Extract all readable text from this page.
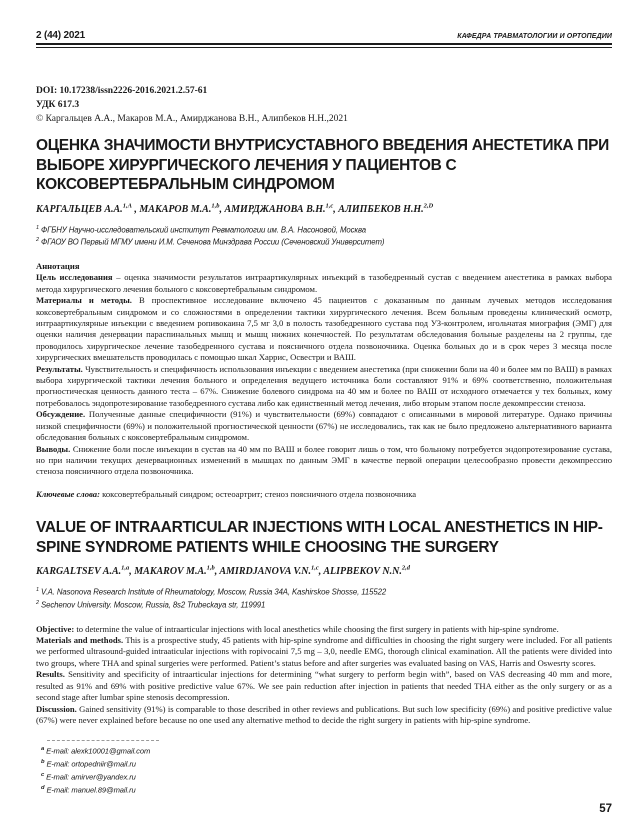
2 (44) 2021	КАФЕДРА ТРАВМАТОЛОГИИ И ОРТОПЕДИИ
DOI: 10.17238/issn2226-2016.2021.2.57-61
УДК 617.3
© Каргальцев А.А., Макаров М.А., Амирджанова В.Н., Алипбеков Н.Н.,2021
ОЦЕНКА ЗНАЧИМОСТИ ВНУТРИСУСТАВНОГО ВВЕДЕНИЯ АНЕСТЕТИКА ПРИ ВЫБОРЕ ХИРУРГИЧЕСКОГО ЛЕЧЕНИЯ У ПАЦИЕНТОВ С КОКСОВЕРТЕБРАЛЬНЫМ СИНДРОМОМ
КАРГАЛЬЦЕВ А.А.$^{1,A}$ , МАКАРОВ М.А.$^{1,b}$, АМИРДЖАНОВА В.Н.$^{1,c}$, АЛИПБЕКОВ Н.Н.$^{2,D}$
$^1$ ФГБНУ Научно-исследовательский институт Ревматологии им. В.А. Насоновой, Москва
$^2$ ФГАОУ ВО Первый МГМУ имени И.М. Сеченова Минздрава России (Сеченовский Университет)
Аннотация

Цель исследования – оценка значимости результатов интраартикулярных инъекций в тазобедренный сустав с введением анестетика в рамках выбора метода хирургического лечения больного с коксовертебральным синдромом.

Материалы и методы. В проспективное исследование включено 45 пациентов с доказанным по данным лучевых методов исследования коксовертебральным синдромом и со сложностями в определении тактики хирургического лечения. Всем больным проведены клинический осмотр, интраартикулярные инъекции с введением ропивокаина 7,5 мг 3,0 в полость тазобедренного сустава под УЗ-контролем, игольчатая миография (ЭМГ) для оценки наличия денервации параспинальных мышц и мышц нижних конечностей. По результатам обследования больные разделены на 2 группы, где проводилось хирургическое лечение тазобедренного сустава и поясничного отдела позвоночника. Оценка больных до и в срок через 3 месяца после хирургических вмешательств проводилась с помощью шкал Харрис, Освестри и ВАШ.

Результаты. Чувствительность и специфичность использования инъекции с введением анестетика (при снижении боли на 40 и более мм по ВАШ) в рамках выбора хирургической тактики лечения больного и определения ведущего источника боли составляют 91% и 69% соответственно, положительная прогностическая ценность данного теста – 67%. Снижение болевого синдрома на 40 мм и более по ВАШ от исходного отмечается у тех больных, кому потребовалось эндопротезирование тазобедренного сустава либо как единственный метод лечения, либо вторым этапом после декомпрессии стеноза.

Обсуждение. Полученные данные специфичности (91%) и чувствительности (69%) совпадают с описанными в мировой литературе. Однако причины низкой специфичности (69%) и положительной прогностической ценности (67%) не исследовались, так как не было предложено альтернативного варианта обследования больных с коксовертебральным синдромом.

Выводы. Снижение боли после инъекции в сустав на 40 мм по ВАШ и более говорит лишь о том, что больному потребуется эндопротезирование сустава, но при наличии текущих денервационных изменений в мышцах по данным ЭМГ в качестве первой операции целесообразно провести декомпрессию стеноза поясничного отдела позвоночника.

Ключевые слова: коксовертебральный синдром; остеоартрит; стеноз поясничного отдела позвоночника

VALUE OF INTRAARTICULAR INJECTIONS WITH LOCAL ANESTHETICS IN HIP-SPINE SYNDROME PATIENTS WHILE CHOOSING THE SURGERY
KARGALTSEV A.A.$^{1,a}$, MAKAROV M.A.$^{1,b}$, AMIRDJANOVA V.N.$^{1,c}$, ALIPBEKOV N.N.$^{2,d}$
$^1$ V.A. Nasonova Research Institute of Rheumatology, Moscow, Russia 34A, Kashirskoe Shosse, 115522
$^2$ Sechenov University. Moscow, Russia, 8s2 Trubeckaya str, 119991

Objective: to determine the value of intraarticular injections with local anesthetics while choosing the first surgery in patients with hip-spine syndrome.

Materials and methods. This is a prospective study, 45 patients with hip-spine syndrome and difficulties in choosing the right surgery were included. For all patients we performed ultrasound-guided intraaticular injections with ropivocaini 7,5 mg – 3,0, needle EMG, thorough clinical examination. All the patients were divided into two groups, where THA and spinal surgeries were performed. Patient’s status before and after surgeries was evaluated basing on VAS, Harris and Oswesrty scores.

Results. Sensitivity and specificity of intraarticular injections for determining “what surgery to perform begin with”, based on VAS decreasing 40 mm and more, resulted as 91% and 69% with positive predictive value 67%. We see pain reduction after injection in patients that needed THA either as the only surgery or as a second stage after lumbar spine stenosis decompression.

Discussion. Gained sensitivity (91%) is comparable to those described in other reviews and publications. But such low specificity (69%) and positive predictive value (67%) were never explained before because no one used any alternative method to decide the right surgery in patients with hip-spine syndrome.

$^a$ E-mail: alexk10001@gmail.com
$^b$ E-mail: ortopedniir@mail.ru
$^c$ E-mail: amirver@yandex.ru
$^d$ E-mail: manuel.89@mail.ru
57
